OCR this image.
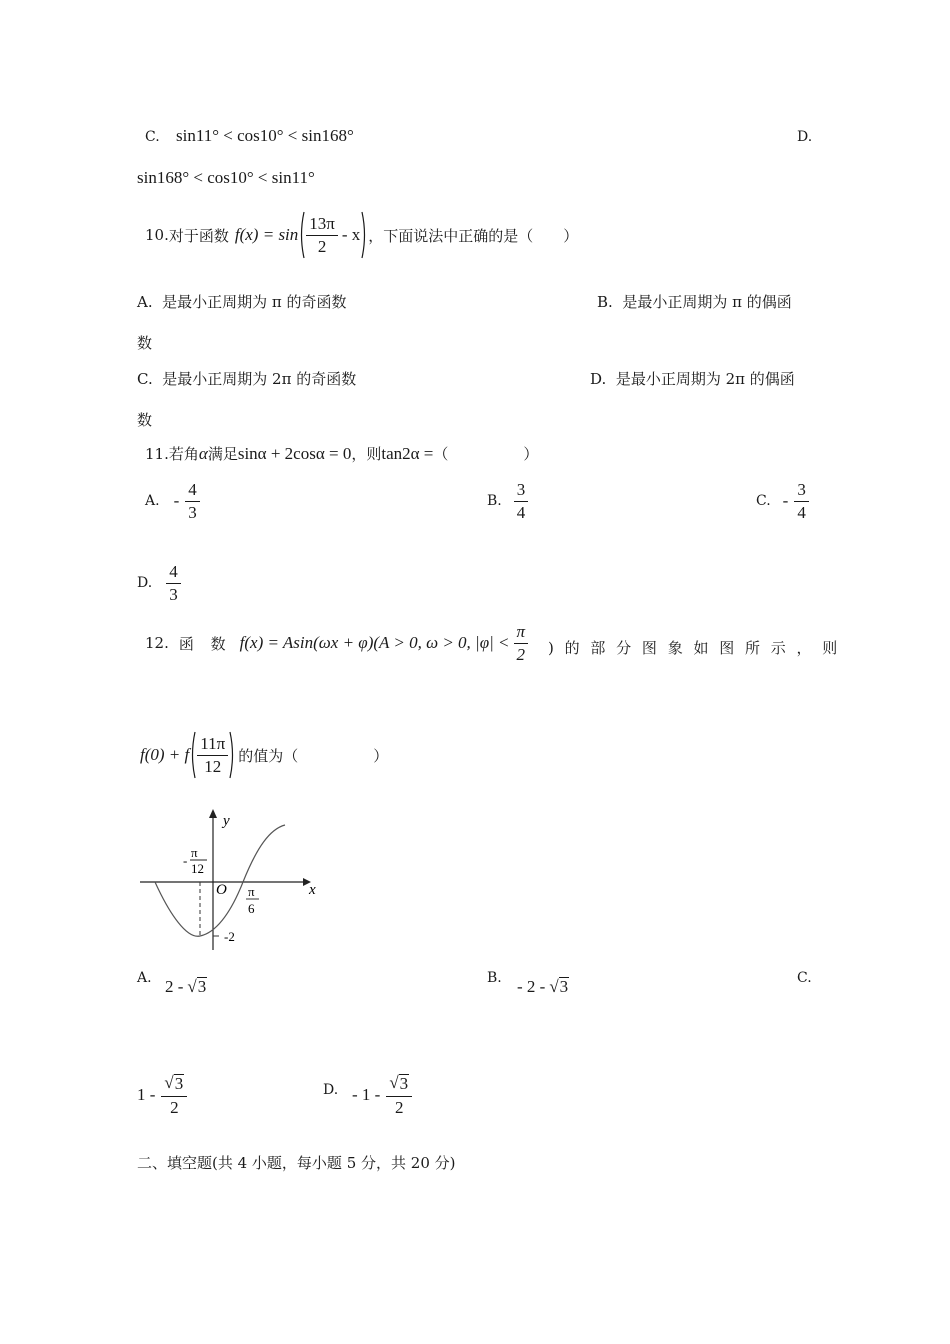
C. sin11° < cos10° < sin168°	D.
sin168° < cos10° < sin11°
10. 对于函数 $f(x) = \sin \frac{13\pi}{2} - x$ ，下面说法中正确的是（　　）
A. 是最小正周期为 π 的奇函数	B. 是最小正周期为 π 的偶函
数
C. 是最小正周期为 2π 的奇函数	D. 是最小正周期为 2π 的偶函
数
11. 若角 α 满足 sinα + 2cosα = 0 ，则 tan2α = （　　　　　）
A. - $\frac{4}{3}$	B. $\frac{3}{4}$	C. - $\frac{3}{4}$
D. $\frac{4}{3}$
12. 函 数 f(x) = Asin(ωx + φ)(A > 0, ω > 0, $|\varphi| < \frac{\pi}{2}$ ) 的 部 分 图 象 如 图 所 示 ， 则
f(0) + f $\frac{11\pi}{12}$ 的值为（　　　　　）
y
x
O
-
π
12
π
6
-2
A. 2 - √ 3	B. - 2 - √ 3	C.
$1 - \frac{√ 3}{2}$	D. - $1 - \frac{√ 3}{2}$
二、填空题(共 4 小题，每小题 5 分，共 20 分)
